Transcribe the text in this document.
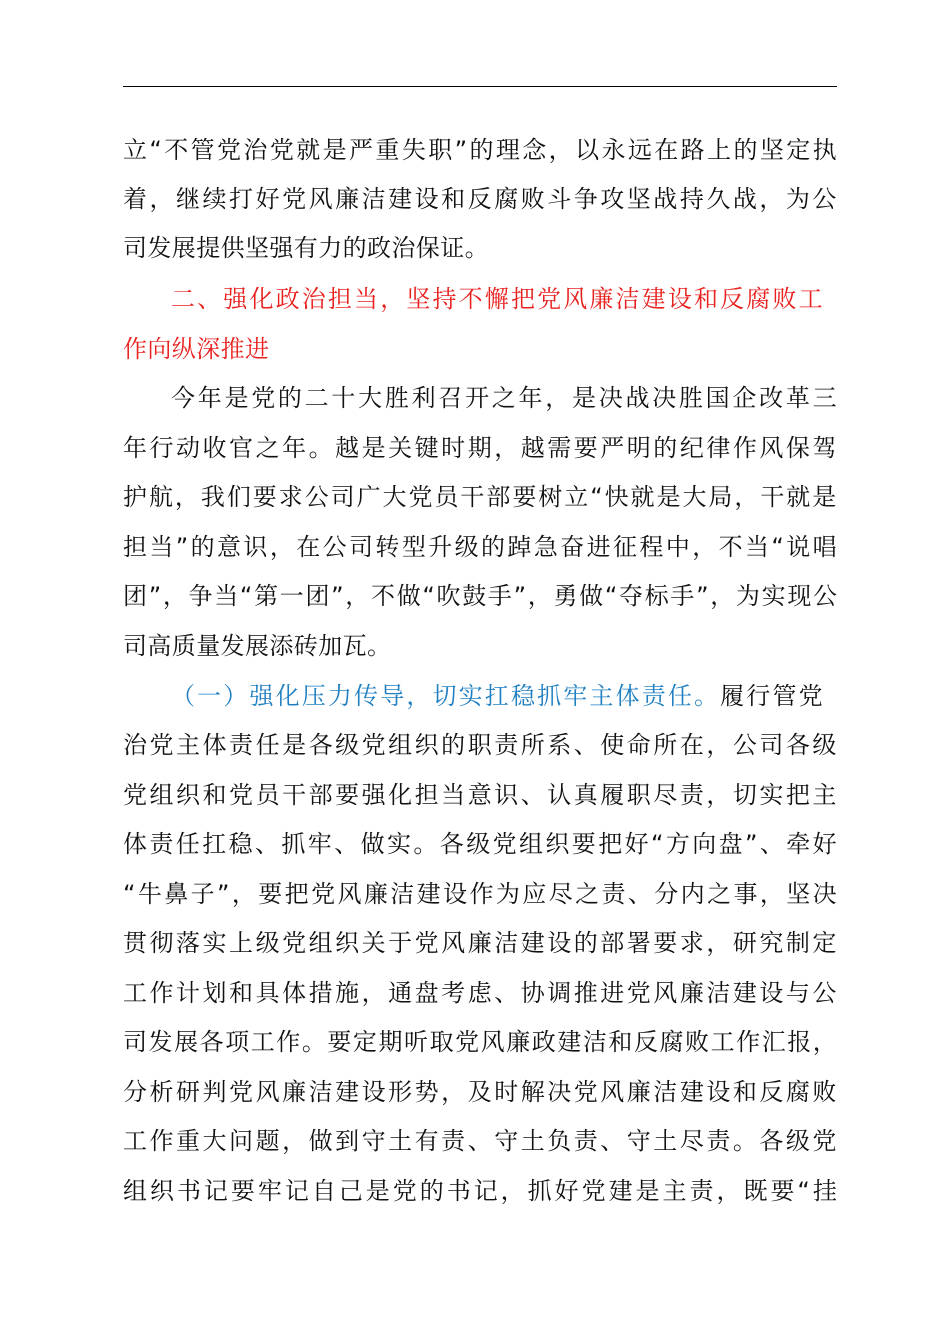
立“不管党治党就是严重失职”的理念，以永远在路上的坚定执
着，继续打好党风廉洁建设和反腐败斗争攻坚战持久战，为公
司发展提供坚强有力的政治保证。
二、强化政治担当，坚持不懈把党风廉洁建设和反腐败工
作向纵深推进
今年是党的二十大胜利召开之年，是决战决胜国企改革三
年行动收官之年。越是关键时期，越需要严明的纪律作风保驾
护航，我们要求公司广大党员干部要树立“快就是大局，干就是
担当”的意识，在公司转型升级的踔急奋进征程中，不当“说唱
团”，争当“第一团”，不做“吹鼓手”，勇做“夺标手”，为实现公
司高质量发展添砖加瓦。
（一）强化压力传导，切实扛稳抓牢主体责任。履行管党
治党主体责任是各级党组织的职责所系、使命所在，公司各级
党组织和党员干部要强化担当意识、认真履职尽责，切实把主
体责任扛稳、抓牢、做实。各级党组织要把好“方向盘”、牵好
“牛鼻子”，要把党风廉洁建设作为应尽之责、分内之事，坚决
贯彻落实上级党组织关于党风廉洁建设的部署要求，研究制定
工作计划和具体措施，通盘考虑、协调推进党风廉洁建设与公
司发展各项工作。要定期听取党风廉政建洁和反腐败工作汇报，
分析研判党风廉洁建设形势，及时解决党风廉洁建设和反腐败
工作重大问题，做到守土有责、守土负责、守土尽责。各级党
组织书记要牢记自己是党的书记，抓好党建是主责，既要“挂
